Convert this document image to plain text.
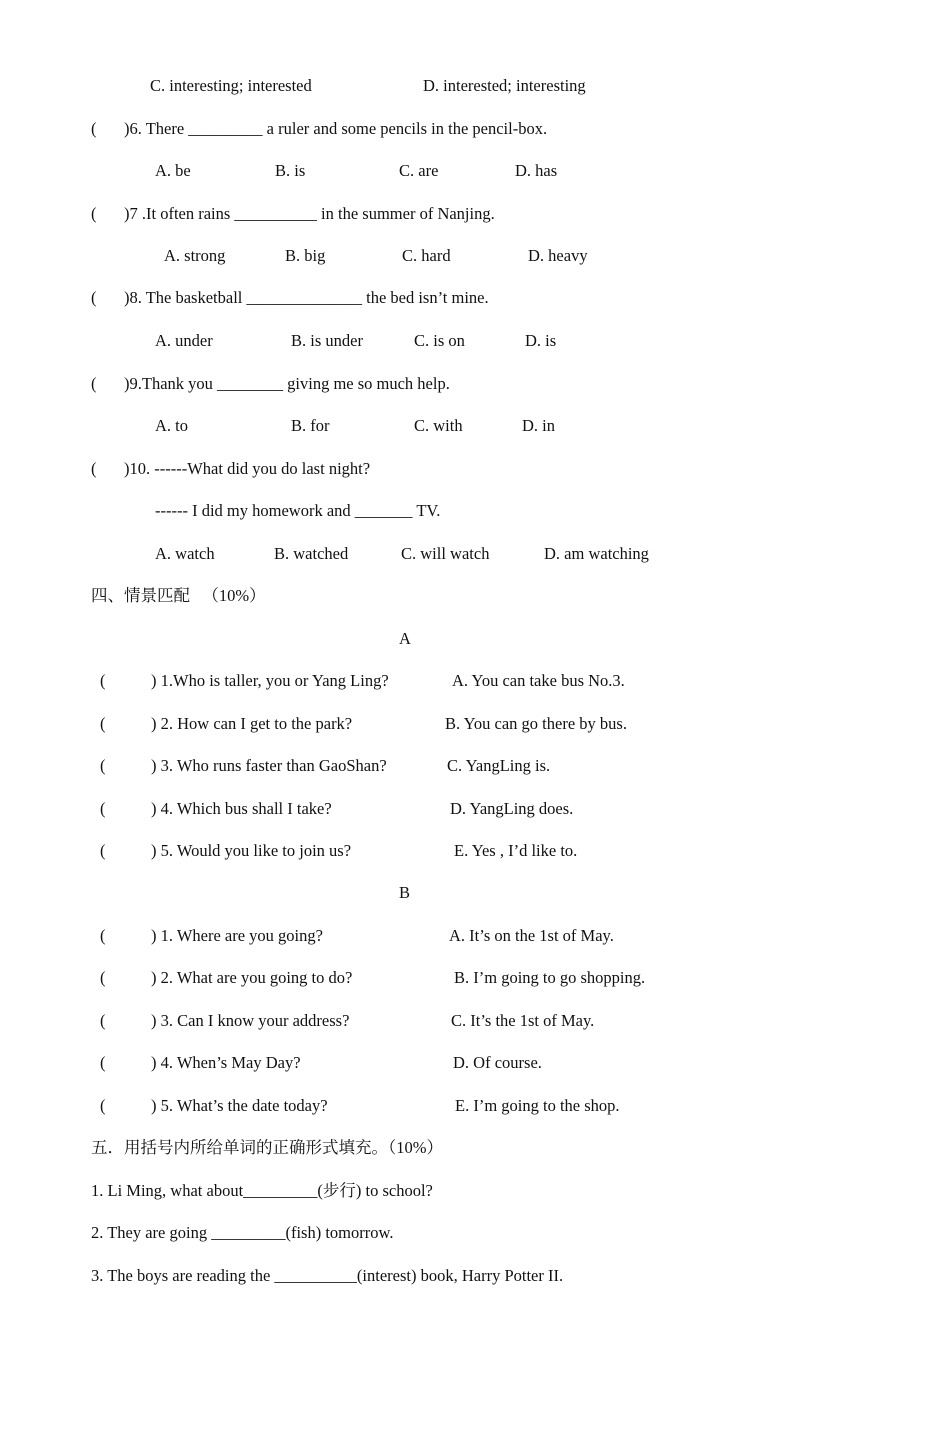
C. interesting; interested	D. interested; interesting
( )6. There _________ a ruler and some pencils in the pencil-box.
A. be	B. is	C. are	D. has
( )7 .It often rains __________ in the summer of Nanjing.
A. strong	B. big	C. hard	D. heavy
( )8. The basketball ______________ the bed isn’t mine.
A. under	B. is under	C. is on	D. is
( )9.Thank you ________ giving me so much help.
A. to	B. for	C. with	D. in
( )10. ------What did you do last night?
------ I did my homework and _______ TV.
A. watch	B. watched	C. will watch	D. am watching
四、情景匹配   （10%）
A
(	) 1.Who is taller, you or Yang Ling?	A. You can take bus No.3.
(	) 2. How can I get to the park?	B. You can go there by bus.
(	) 3. Who runs faster than GaoShan?	C. YangLing is.
(	) 4. Which bus shall I take?	D. YangLing does.
(	) 5. Would you like to join us?	E. Yes , I’d like to.
B
(	) 1. Where are you going?	A. It’s on the 1st of May.
(	) 2. What are you going to do?	B. I’m going to go shopping.
(	) 3. Can I know your address?	C. It’s the 1st of May.
(	) 4. When’s May Day?	D. Of course.
(	) 5. What’s the date today?	E. I’m going to the shop.
五．用括号内所给单词的正确形式填充。（10%）
1. Li Ming, what about_________(步行) to school?
2. They are going _________(fish) tomorrow.
3. The boys are reading the __________(interest) book, Harry Potter II.
